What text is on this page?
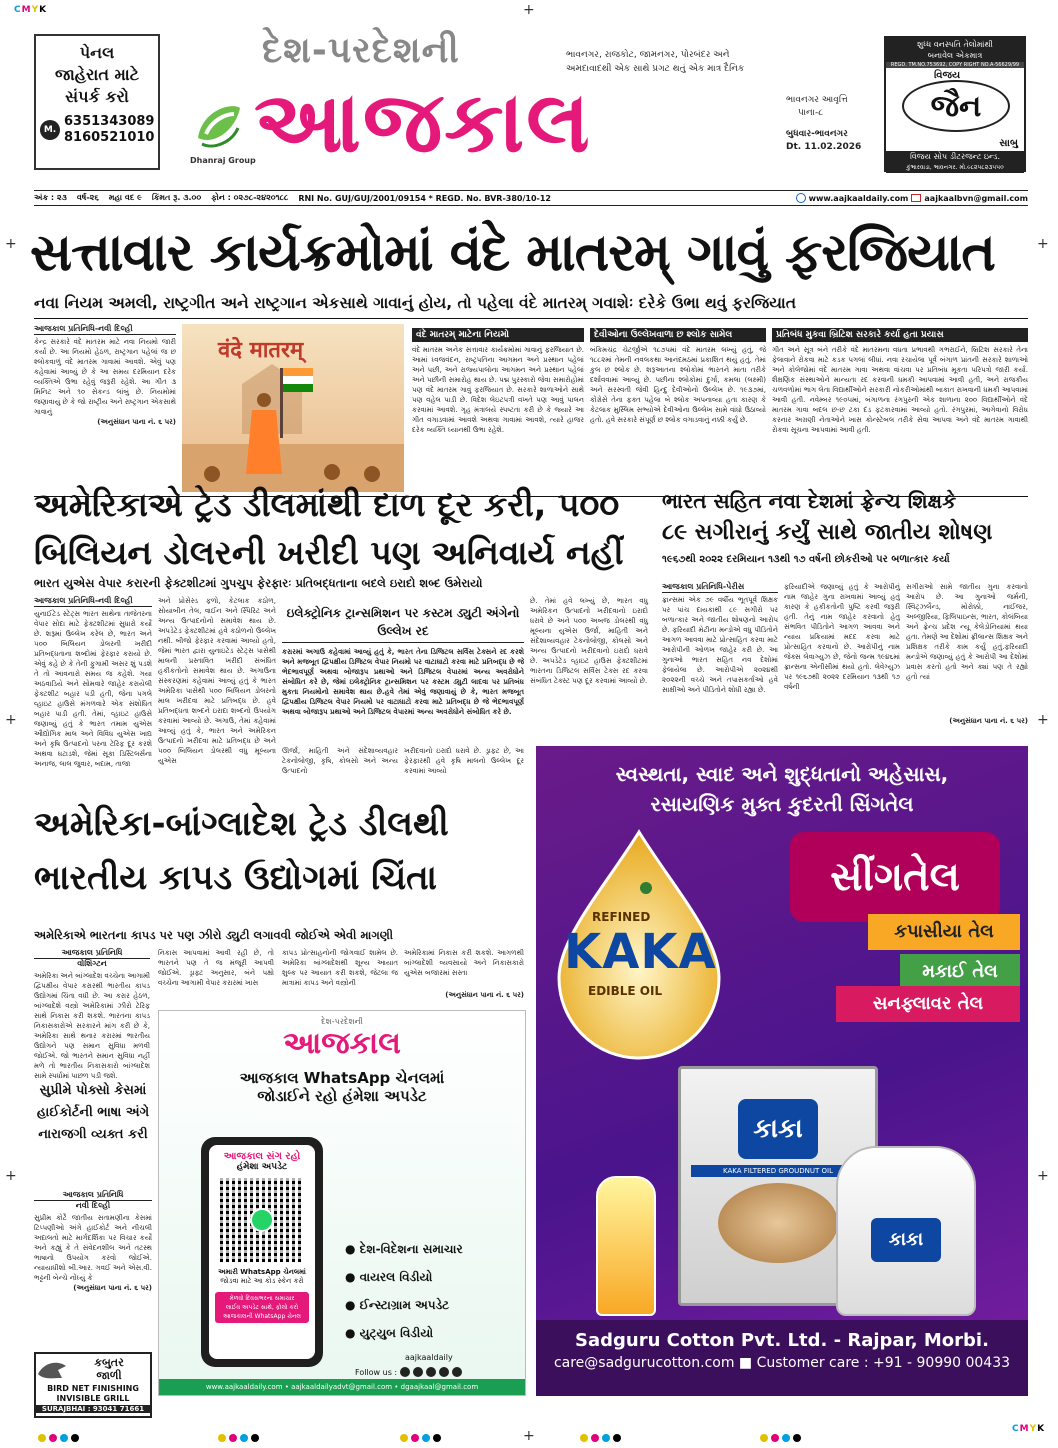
CMYK
CMYK
+
+	+
+	+
+	+
+
પેનલ
જાહેરાત માટે
સંપર્ક કરો
M.
6351343089
8160521010
Dhanraj Group
દેશ-પરદેશની
આજકાલ
ભાવનગર, રાજકોટ, જામનગર, પોરબંદર અને
અમદાવાદથી એક સાથે પ્રગટ થતું એક માત્ર દૈનિક
ભાવનગર આવૃત્તિ
પાના-૮
બુધવાર-ભાવનગર
Dt. 11.02.2026
શુધ્ધ વનસ્પતિ તેલોમાંથી
બનાવેલ એકમાત્ર
REGD. TM.NO.753692, COPY RIGHT NO.A-56629/99
વિજય
જૈન
સાબુ
વિજય સોપ ડીટરજન્ટ ઇન્ડ.
કુંભારવાડા, ભાવનગર. મો.૯૮૨૫૮૨૩૫૫૦
અંક : ૨૩ વર્ષ-૨૬ મહા વદ ૯ કિંમત રૂ. ૩.૦૦ ફોન : ૦૨૭૮-૨૪૨૦૧૮૮ RNI No. GUJ/GUJ/2001/09154 * REGD. No. BVR-380/10-12	www.aajkaaldaily.com aajkaalbvn@gmail.com
સત્તાવાર કાર્યક્રમોમાં વંદે માતરમ્ ગાવું ફરજિયાત
નવા નિયમ અમલી, રાષ્ટ્રગીત અને રાષ્ટ્રગાન એકસાથે ગાવાનું હોય, તો પહેલા વંદે માતરમ્ ગવાશેઃ દરેકે ઉભા થવું ફરજિયાત
આજકાલ પ્રતિનિધિ-નવી દિલ્હી
કેન્દ્ર સરકારે વંદે માતરમ માટે નવા નિયમો જારી કર્યા છે. આ નિયમો હેઠળ, રાષ્ટ્રગાન પહેલાં જ છ શ્લોકવાળું વંદે માતરમ ગાવામાં આવશે. એવું પણ કહેવામાં આવ્યું છે કે આ સમય દરમિયાન દરેક વ્યક્તિએ ઉભા રહેવું જરૂરી રહેશે. આ ગીત ૩ મિનિટ અને ૧૦ સેકન્ડ લાંબું છે. નિયમોમાં જણાવાયું છે કે જો રાષ્ટ્રીય અને રાષ્ટ્રગાન એકસાથે ગાવાનું
(અનુસંધાન પાના નં. ૬ પર)
वंदे मातरम्
વંદે માતરમ્ માટેના નિયમો
વંદે માતરમ અનેક સત્તાવાર કાર્યક્રમોમાં ગાવાનું ફરજિયાત છે. આમાં ધ્વજવંદન, રાષ્ટ્રપતિના આગમન અને પ્રસ્થાન પહેલાં અને પછી, અને રાજ્યપાલોના આગમન અને પ્રસ્થાન પહેલાં અને પછીની સમારોહ થાય છે. પદ્મ પુરસ્કારો જેવા સમારોહોમાં પણ વંદે માતરમ ગાવું ફરજિયાત છે. સરકારે શાળાઓને સાથે પણ વહેલ પાડી છે. વિદેશ લેઇટપત્રી વખતે પણ આવું પાલન કરવામાં આવશે. ગૃહ મંત્રાલયે સ્પષ્ટતા કરી છે કે જ્યારે આ ગીત વગાડવામાં આવશે અથવા ગાવામાં આવશે, ત્યારે હાજર દરેક વ્યક્તિ ધ્યાનથી ઉભા રહેશે.
દેવીઓના ઉલ્લેખવાળા છ શ્લોક સામેલ
બંકિમચંદ્ર ચેટર્જીએ ૧૮૭૫માં વંદે માતરમ લખ્યું હતું, જે ૧૮૮૨માં તેમની નવલકથા આનંદમઠમાં પ્રકાશિત થયું હતું. તેમાં કુલ છ શ્લોક છે. શરૂઆતના શ્લોકોમાં ભારતને માતા તરીકે દર્શાવવામાં આવ્યું છે. પછીના શ્લોકોમાં દુર્ગા, કમલા (લક્ષ્મી) અને સરસ્વતી જેવી હિન્દુ દેવીઓનો ઉલ્લેખ છે. ૧૯૩૭માં, કોંગ્રેસે તેના ફક્ત પહેલા બે શ્લોક અપનાવ્યા હતા કારણ કે કેટલાક મુસ્લિમ સભ્યોએ દેવીઓના ઉલ્લેખ સામે વાંધો ઉઠાવ્યો હતો. હવે સરકારે સંપૂર્ણ છ શ્લોક વગાડવાનું નક્કી કર્યું છે.
પ્રતિબંધ મુકવા બ્રિટિશ સરકારે કર્યા હતા પ્રયાસ
ગીત અને સૂત્ર બંને તરીકે વંદે માતરમના વધતા પ્રભાવથી ગભરાઈને, બ્રિટિશ સરકારે તેના ફેલાવાને રોકવા માટે કડક પગલાં લીધાં. નવા રચાયેલા પૂર્વ બંગાળ પ્રાંતની સરકારે શાળાઓ અને કોલેજોમાં વંદે માતરમ ગાવા અથવા વાંચવા પર પ્રતિબંધ મૂકતા પરિપત્રો જારી કર્યા. શૈક્ષણિક સંસ્થાઓને માન્યતા રદ કરવાની ધમકી આપવામાં આવી હતી, અને રાજકીય ચળવળોમાં ભાગ લેતા વિદ્યાર્થીઓને સરકારી નોકરીઓમાંથી બાકાત રાખવાની ધમકી આપવામાં આવી હતી. નવેમ્બર ૧૯૦૫માં, બંગાળના રંગપુરની એક શાળાના ૨૦૦ વિદ્યાર્થીઓને વંદે માતરમ ગાવા બદલ છ-છ ટકા દંડ ફટકારવામાં આવ્યો હતો. રંગપુરમાં, આગેવાનો વિરોધ કરનાર અગ્રણી નેતાઓને ખાસ કોન્સ્ટેબલ તરીકે સેવા આપવા અને વંદે માતરમ ગાવાથી રોકવા સૂચના આપવામાં આવી હતી.
અમેરિકાએ ટ્રેડ ડીલમાંથી દાળ દૂર કરી, ૫૦૦
બિલિયન ડોલરની ખરીદી પણ અનિવાર્ય નહીં
ભારત યુએસ વેપાર કરારની ફેક્ટશીટમાં ગુપચુપ ફેરફારઃ પ્રતિબદ્ધતાના બદલે ઇરાદો શબ્દ ઉમેરાયો
આજકાલ પ્રતિનિધિ-નવી દિલ્હી
યુનાઈટેડ સ્ટેટ્સ ભારત સાથેના તાજેતરના વેપાર સોદા માટે ફેક્ટશીટમાં સુધારો કર્યો છે. શરૂમાં ઉલ્લેખ કરેલ છે, ભારત અને ૫૦૦ બિલિયન ડોલરની ખરીદી પ્રતિબદ્ધતાના શબ્દોમાં ફેરફાર કરાયો છે. એવું કહે છે કે તેની ફુગામી અસર શું પડશે તે તો આવનારો સમય જ કહેશે. ગયા અઠવાડિયે અને સોમવારે જાહેર કરાયેલી ફેક્ટશીટ બહાર પડી હતી, જેના પગલે વ્હાઇટ હાઉસે મંગળવારે એક સંશોધિત બહાર પાડી હતી. તેમાં, વ્હાઇટ હાઉસે જણાવ્યું હતું કે ભારત તમામ યુએસ ઔદ્યોગિક માલ અને વિવિધ યુએસ ખાદ્ય અને કૃષિ ઉત્પાદનો પરના ટેરિફ દૂર કરશે અથવા ઘટાડશે, જેમાં સૂકા ડિસ્ટિલર્સના અનાજ, લાલ જુવાર, બદામ, તાજા
અને પ્રોસેસ્ડ ફળો, કેટલાક કઠોળ, સોયાબીન તેલ, વાઈન અને સ્પિરિટ અને અન્ય ઉત્પાદનોનો સમાવેશ થાય છે. અપડેટેડ ફેક્ટશીટમાં હવે કઠોળનો ઉલ્લેખ નથી. બીજો ફેરફાર કરવામાં આવ્યો હતો, જેમાં ભારત દ્વારા યુનાઇટેડ સ્ટેટ્સ પાસેથી માલની પ્રસ્તાવિત ખરીદી સંબંધિત હકીકતોનો સમાવેશ થાય છે. અગાઉના સંસ્કરણમાં કહેવામાં આવ્યું હતું કે ભારત અમેરિકા પાસેથી ૫૦૦ બિલિયન ડોલરનો માલ ખરીદવા માટે પ્રતિબદ્ધ છે. હવે પ્રતિબદ્ધતા શબ્દને ઇરાદા શબ્દનો ઉપયોગ કરવામાં આવ્યો છે. અગાઉ, તેમાં કહેવામાં આવ્યું હતું કે, ભારત અને અમેરિકન ઉત્પાદનો ખરીદવા માટે પ્રતિબદ્ધ છે અને ૫૦૦ બિલિયન ડોલરથી વધુ મૂલ્યના યુએસ
ઇલેક્ટ્રોનિક ટ્રાન્સમિશન પર કસ્ટમ ડ્યુટી અંગેનો ઉલ્લેખ રદ
કરારમાં અગાઉ કહેવામાં આવ્યું હતું કે, ભારત તેના ડિજિટલ સર્વિસ ટેક્સને રદ કરશે અને મજબૂત દ્વિપક્ષીય ડિજિટલ વેપાર નિયમો પર વાટાઘાટો કરવા માટે પ્રતિબદ્ધ છે જે ભેદભાવપૂર્ણ અથવા બોજારૂપ પ્રથાઓ અને ડિજિટલ વેપારમાં અન્ય અવરોધોને સંબોધિત કરે છે, જેમાં ઇલેક્ટ્રોનિક ટ્રાન્સમિશન પર કસ્ટમ ડ્યુટી લાદવા પર પ્રતિબંધ મુકતા નિયમોનો સમાવેશ થાય છે.હવે તેમાં એવું જણાવાયું છે કે, ભારત મજબૂત દ્વિપક્ષીય ડિજિટલ વેપાર નિયમો પર વાટાઘાટો કરવા માટે પ્રતિબદ્ધ છે જે ભેદભાવપૂર્ણ અથવા બોજારૂપ પ્રથાઓ અને ડિજિટલ વેપારમાં અન્ય અવરોધોને સંબોધિત કરે છે.
ઊર્જા, માહિતી અને સંદેશાવ્યવહાર ટેકનોલોજી, કૃષિ, કોલસો અને અન્ય ઉત્પાદનો
ખરીદવાનો ઇરાદો ધરાવે છે. ડ્રાફ્ટ છે, આ ફેરફારથી હવે કૃષિ માલનો ઉલ્લેખ દૂર કરવામાં આવ્યો
છે. તેમાં હવે લખ્યું છે, ભારત વધુ અમેરિકન ઉત્પાદનો ખરીદવાનો ઇરાદો ધરાવે છે અને ૫૦૦ અબજ ડોલરથી વધુ મૂલ્યના યુએસ ઉર્જા, માહિતી અને સંદેશાવ્યવહાર ટેકનોલોજી, કોલસો અને અન્ય ઉત્પાદનો ખરીદવાનો ઇરાદો ધરાવે છે. અપડેટેડ વ્હાઇટ હાઉસ ફેક્ટશીટમાં ભારતના ડિજિટલ સર્વિસ ટેક્સ રદ કરવા સંબંધિત ટેક્સ્ટ પણ દૂર કરવામાં આવ્યો છે.
ભારત સહિત નવા દેશમાં ફ્રેન્ચ શિક્ષકે
૮૯ સગીરાનું કર્યું સાથે જાતીય શોષણ
૧૯૬૭થી ૨૦૨૨ દરમિયાન ૧૩થી ૧૭ વર્ષની છોકરીઓ પર બળાત્કાર કર્યા
આજકાલ પ્રતિનિધિ-પેરીસ
ફ્રાન્સમાં એક ૭૯ વર્ષીય ભૂતપૂર્વ શિક્ષક પર પાંચ દાયકાથી ૮૯ સગીરો પર બળાત્કાર અને જાતીય શોષણનો આરોપ છે. ફરિયાદી મેટીના મન્ડોએ વધુ પીડિતોને આગળ આવવા માટે પ્રોત્સાહિત કરવા માટે આરોપીની ઓળખ જાહેર કરી છે. આ ગુનાઓ ભારત સહિત નવ દેશોમાં ફેલાયેલા છે. આરોપીએ ૨૦૨૪થી ૨૦૨૨ની વચ્ચે અને તપાસકર્તાઓ હવે સાક્ષીઓ અને પીડિતોને શોધી રહ્યા છે.
ફરિયાદીએ જણાવ્યું હતું કે આરોપીનું નામ જાહેર ગુના રાખવામાં આવ્યું હતું કારણ કે હકીકતોની પુષ્ટિ કરવી જરૂરી હતી. તેનું નામ જાહેર કરવાનો હેતુ સંભવિત પીડિતોને આગળ આવવા અને ન્યાય પ્રક્રિયામાં મદદ કરવા માટે પ્રોત્સાહિત કરવાનો છે. આરોપીનું નામ જેક્સ લેવાગ્યુઝ છે, જેનો જન્મ ૧૯૪૬માં ફ્રાન્સના એનીસીમાં થયો હતો. લેવેગ્યુઝ પર ૧૯૬૭થી ૨૦૨૨ દરમિયાન ૧૩થી ૧૭ વર્ષની
સગીરાઓ સામે જાતીય ગુના કરવાનો આરોપ છે. આ ગુનાઓ જર્મની, સ્વિટ્ઝર્લેન્ડ, મોરોક્કો, નાઈજર, અલ્જીરિયા, ફિલિપાઇન્સ, ભારત, કોલંબિયા અને ફ્રેન્ચ પ્રદેશ ન્યૂ કેલેડોનિયામાં થયા હતા. તેમણે આ દેશોમાં ફ્રીલાન્સ શિક્ષક અને પ્રશિક્ષક તરીકે કામ કર્યું હતું.ફરિયાદી મન્ડોએ જણાવ્યું હતું કે આરોપી આ દેશોમાં પ્રવાસ કરતો હતો અને ક્યાં પણ તે રહ્યો હતો ત્યાં
(અનુસંધાન પાના નં. ૬ પર)
અમેરિકા-બાંગ્લાદેશ ટ્રેડ ડીલથી
ભારતીય કાપડ ઉદ્યોગમાં ચિંતા
અમેરિકાએ ભારતના કાપડ પર પણ ઝીરો ડ્યુટી લગાવવી જોઈએ એવી માગણી
આજકાલ પ્રતિનિધિ
વોશિંગ્ટન
અમેરિકા અને બાંગ્લાદેશ વચ્ચેના આગામી દ્વિપક્ષીય વેપાર કરારથી ભારતીય કાપડ ઉદ્યોગમાં ચિંતા વધી છે. આ કરાર હેઠળ, બાંગ્લાદેશે વસ્ત્રો અમેરિકામાં ઝીરો ટેરિફ સાથે નિકાસ કરી શકશે. ભારતના કાપડ નિકાસકારોએ સરકારને માંગ કરી છે કે, અમેરિકા સાથે થનાર કરારમાં ભારતીય ઉદ્યોગને પણ સમાન સુવિધા મળવી જોઈએ. જો ભારતને સમાન સુવિધા નહીં મળે તો ભારતીય નિકાસકારો બાંગ્લાદેશ સામે સ્પર્ધામાં પાછળ પડી જશે.
નિકાસ આપવામાં આવી રહી છે, તો ભારતને પણ તે જ મંજૂરી આપવી જોઈએ. ડ્રાફ્ટ અનુસાર, બંને પક્ષો વચ્ચેના આગામી વેપાર કરારમાં ખાસ
કાપડ પ્રોત્સાહનોની જોગવાઈ શામેલ છે. અમેરિકા બાંગ્લાદેશથી શૂન્ય આયાત શુલ્ક પર આયાત કરી શકશે, જેટલા જ માત્રામાં કાપડ અને વસ્ત્રોની
અમેરિકામાં નિકાસ કરી શકશે. આગળથી બાંગ્લાદેશી વ્યવસાયો અને નિકાસકારો યુએસ બજારમાં સસ્તા
(અનુસંધાન પાના નં. ૬ પર)
સુપ્રીમે પોક્સો કેસમાં હાઈકોર્ટની ભાષા અંગે નારાજગી વ્યક્ત કરી
આજકાલ પ્રતિનિધિ
નવી દિલ્હી
સુપ્રીમ કોર્ટે જાતીય સતામણીના કેસમાં ટિપ્પણીઓ અંગે હાઈકોર્ટ અને નીચલી અદાલતો માટે માર્ગદર્શિકા પર વિચાર કર્યો અને કહ્યું કે તે સંવેદનશીલ અને તટસ્થ ભાષાનો ઉપયોગ કરવો જોઈએ. ન્યાયાધીશો બી.આર. ગવઈ અને એસ.વી. ભટ્ટની બેન્ચે નોંધ્યું કે
(અનુસંધાન પાના નં. ૬ પર)
કબુતર
જાળી
BIRD NET FINISHING
INVISIBLE GRILL
SURAJBHAI : 93041 71661
દેશ-પરદેશની
આજકાલ
આજકાલ WhatsApp ચેનલમાં
જોડાઈને રહો હંમેશા અપડેટ
આજકાલ સંગ રહો
હંમેશા અપડેટ
અમારી WhatsApp ચેનલમાં
જોડવા માટે આ કોડ સ્કેન કરો
મેળવો દિવસભરના સમાચાર
લાઈવ અપડેટ સાથે, ફોલો કરો
આજકાલની WhatsApp ચેનલ
● દેશ-વિદેશના સમાચાર
● વાયરલ વિડીયો
● ઈન્સ્ટાગ્રામ અપડેટ
● યુટ્યુબ વિડીયો
aajkaaldaily
Follow us :
www.aajkaaldaily.com • aajkaaldailyadvt@gmail.com • dgaajkaal@gmail.com
સ્વસ્થતા, સ્વાદ અને શુદ્ધતાનો અહેસાસ,
રસાયણિક મુક્ત કુદરતી સિંગતેલ
સીંગતેલ
કપાસીયા તેલ
મકાઈ તેલ
સનફ્લાવર તેલ
REFINED
KAKA
EDIBLE OIL
કાકા
KAKA FILTERED GROUDNUT OIL
કાકા
Sadguru Cotton Pvt. Ltd. - Rajpar, Morbi.
care@sadgurucotton.com ■ Customer care : +91 - 90990 00433
